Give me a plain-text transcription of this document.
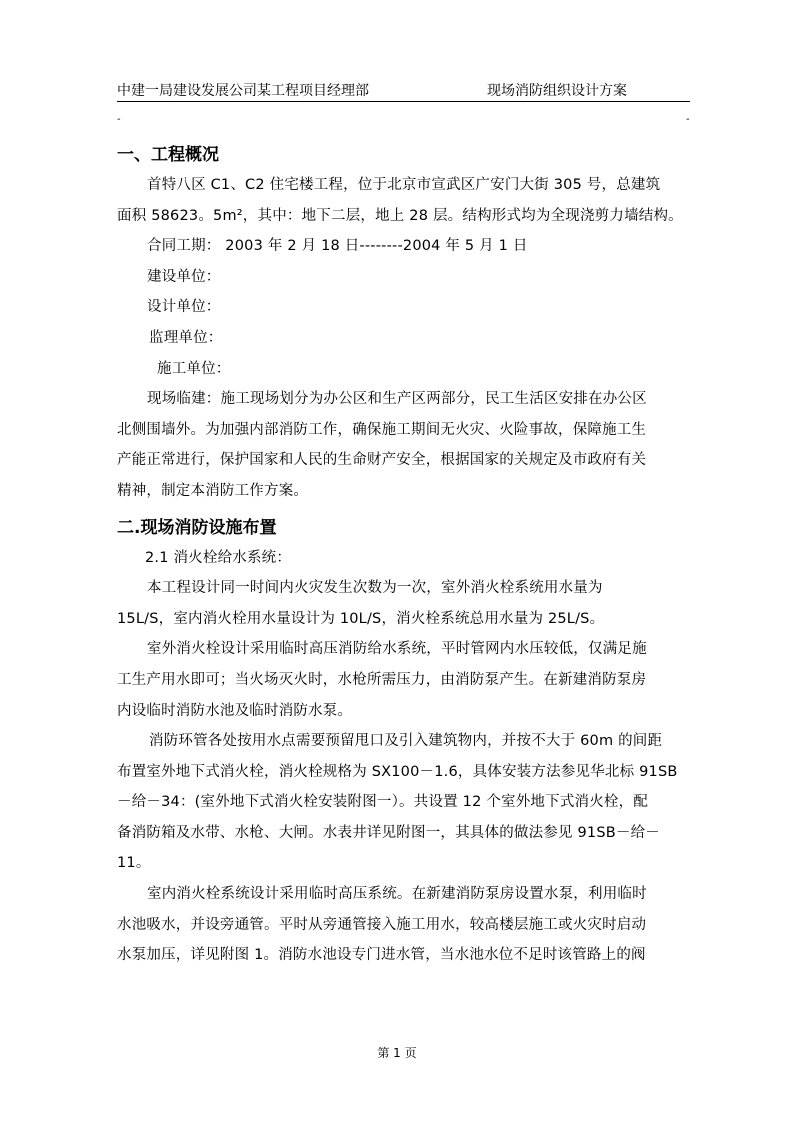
中建一局建设发展公司某工程项目经理部	现场消防组织设计方案
-	-
一、工程概况

首特八区 C1、C2 住宅楼工程，位于北京市宣武区广安门大街 305 号，总建筑

面积 58623。5m²，其中：地下二层，地上 28 层。结构形式均为全现浇剪力墙结构。

合同工期： 2003 年 2 月 18 日--------2004 年 5 月 1 日

建设单位：

设计单位：

监理单位：

施工单位：

现场临建：施工现场划分为办公区和生产区两部分，民工生活区安排在办公区

北侧围墙外。为加强内部消防工作，确保施工期间无火灾、火险事故，保障施工生

产能正常进行，保护国家和人民的生命财产安全，根据国家的关规定及市政府有关

精神，制定本消防工作方案。

二.现场消防设施布置

2.1 消火栓给水系统：

本工程设计同一时间内火灾发生次数为一次，室外消火栓系统用水量为

15L/S，室内消火栓用水量设计为 10L/S，消火栓系统总用水量为 25L/S。

室外消火栓设计采用临时高压消防给水系统，平时管网内水压较低，仅满足施

工生产用水即可；当火场灭火时，水枪所需压力，由消防泵产生。在新建消防泵房

内设临时消防水池及临时消防水泵。

消防环管各处按用水点需要预留甩口及引入建筑物内，并按不大于 60m 的间距

布置室外地下式消火栓，消火栓规格为 SX100－1.6，具体安装方法参见华北标 91SB

－给－34：(室外地下式消火栓安装附图一）。共设置 12 个室外地下式消火栓，配

备消防箱及水带、水枪、大闸。水表井详见附图一，其具体的做法参见 91SB－给－

11。

室内消火栓系统设计采用临时高压系统。在新建消防泵房设置水泵，利用临时

水池吸水，并设旁通管。平时从旁通管接入施工用水，较高楼层施工或火灾时启动

水泵加压，详见附图 1。消防水池设专门进水管，当水池水位不足时该管路上的阀

第 1 页
